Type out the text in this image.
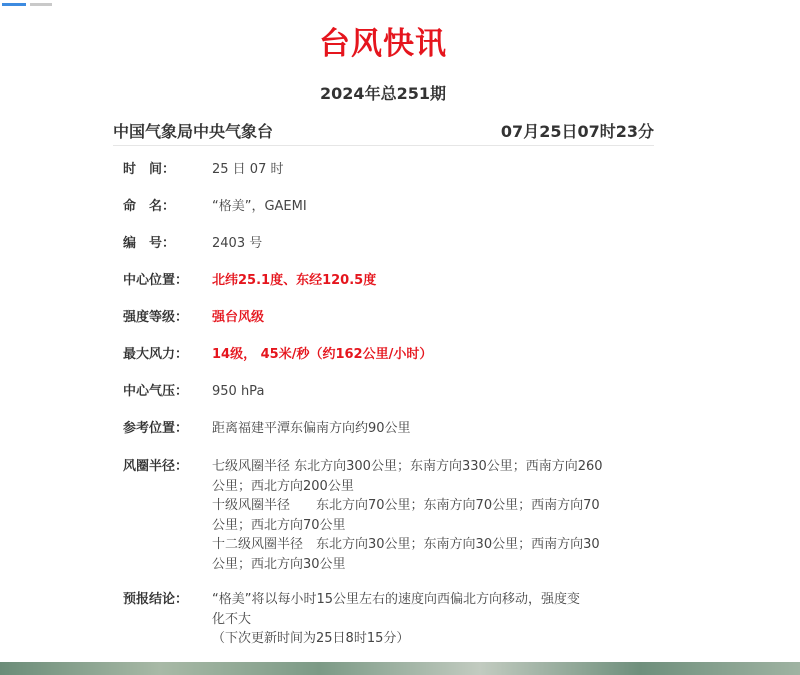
台风快讯
2024年总251期
中国气象局中央气象台	07月25日07时23分
时　间：	25 日 07 时
命　名：	“格美”，GAEMI
编　号：	2403 号
中心位置：	北纬25.1度、东经120.5度
强度等级：	强台风级
最大风力：	14级， 45米/秒（约162公里/小时）
中心气压：	950 hPa
参考位置：	距离福建平潭东偏南方向约90公里
风圈半径：	七级风圈半径 东北方向300公里；东南方向330公里；西南方向260
公里；西北方向200公里
十级风圈半径　　东北方向70公里；东南方向70公里；西南方向70
公里；西北方向70公里
十二级风圈半径　东北方向30公里；东南方向30公里；西南方向30
公里；西北方向30公里
预报结论：	“格美”将以每小时15公里左右的速度向西偏北方向移动，强度变
化不大
（下次更新时间为25日8时15分）
